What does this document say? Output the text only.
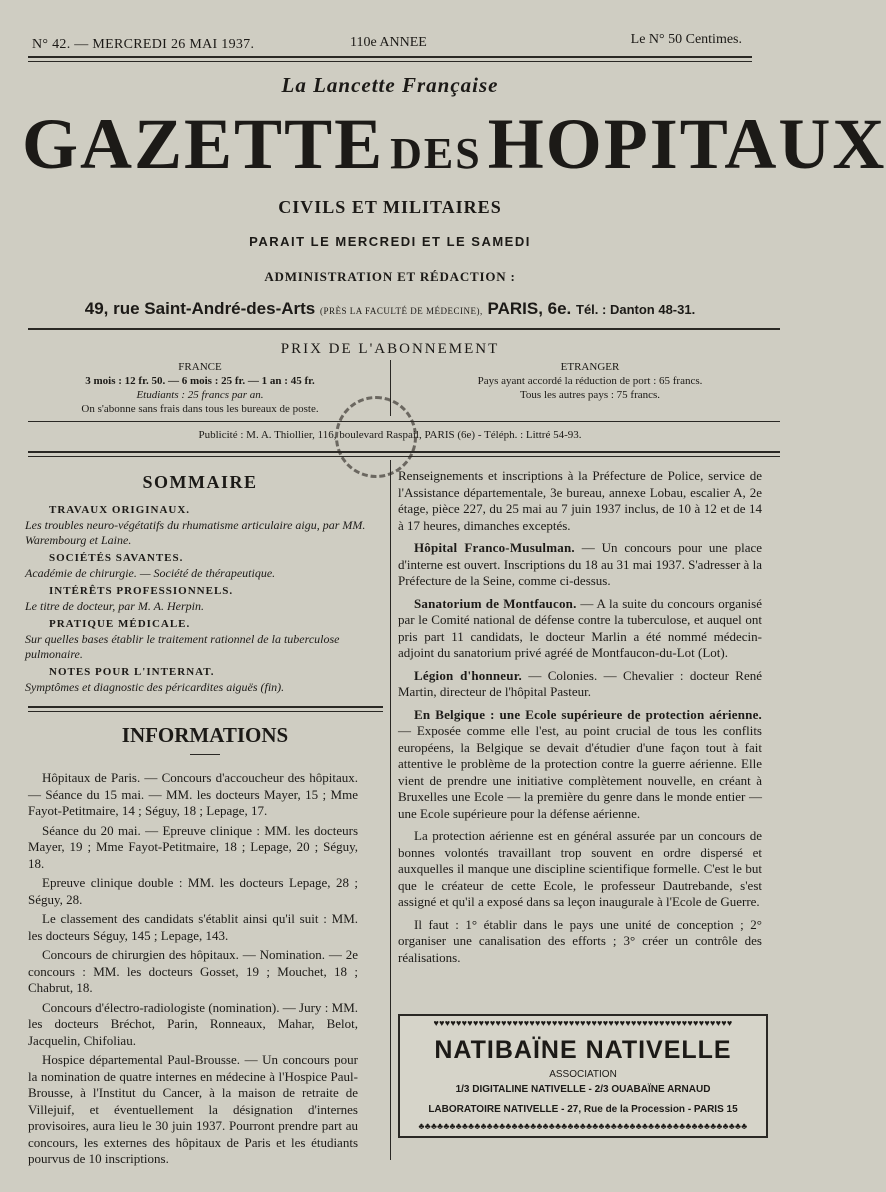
N° 42. — MERCREDI 26 MAI 1937.	110e ANNEE	Le N° 50 Centimes.
La Lancette Française
GAZETTE DES HOPITAUX
CIVILS ET MILITAIRES
PARAIT LE MERCREDI ET LE SAMEDI
ADMINISTRATION ET RÉDACTION :
49, rue Saint-André-des-Arts (PRÈS LA FACULTÉ DE MÉDECINE), PARIS, 6e. Tél. : Danton 48-31.
PRIX DE L'ABONNEMENT
FRANCE
3 mois : 12 fr. 50. — 6 mois : 25 fr. — 1 an : 45 fr.
Etudiants : 25 francs par an.
On s'abonne sans frais dans tous les bureaux de poste.
ETRANGER
Pays ayant accordé la réduction de port : 65 francs.
Tous les autres pays : 75 francs.
Publicité : M. A. Thiollier, 116, boulevard Raspail, PARIS (6e) - Téléph. : Littré 54-93.
SOMMAIRE
TRAVAUX ORIGINAUX.
Les troubles neuro-végétatifs du rhumatisme articulaire aigu, par MM. Warembourg et Laine.
SOCIÉTÉS SAVANTES.
Académie de chirurgie. — Société de thérapeutique.
INTÉRÊTS PROFESSIONNELS.
Le titre de docteur, par M. A. Herpin.
PRATIQUE MÉDICALE.
Sur quelles bases établir le traitement rationnel de la tuberculose pulmonaire.
NOTES POUR L'INTERNAT.
Symptômes et diagnostic des péricardites aiguës (fin).
INFORMATIONS

Hôpitaux de Paris. — Concours d'accoucheur des hôpitaux. — Séance du 15 mai. — MM. les docteurs Mayer, 15 ; Mme Fayot-Petitmaire, 14 ; Séguy, 18 ; Lepage, 17.

Séance du 20 mai. — Epreuve clinique : MM. les docteurs Mayer, 19 ; Mme Fayot-Petitmaire, 18 ; Lepage, 20 ; Séguy, 18.

Epreuve clinique double : MM. les docteurs Lepage, 28 ; Séguy, 28.

Le classement des candidats s'établit ainsi qu'il suit : MM. les docteurs Séguy, 145 ; Lepage, 143.

Concours de chirurgien des hôpitaux. — Nomination. — 2e concours : MM. les docteurs Gosset, 19 ; Mouchet, 18 ; Chabrut, 18.

Concours d'électro-radiologiste (nomination). — Jury : MM. les docteurs Bréchot, Parin, Ronneaux, Mahar, Belot, Jacquelin, Chifoliau.

Hospice départemental Paul-Brousse. — Un concours pour la nomination de quatre internes en médecine à l'Hospice Paul-Brousse, à l'Institut du Cancer, à la maison de retraite de Villejuif, et éventuellement la désignation d'internes provisoires, aura lieu le 30 juin 1937. Pourront prendre part au concours, les externes des hôpitaux de Paris et les étudiants pourvus de 10 inscriptions.

Renseignements et inscriptions à la Préfecture de Police, service de l'Assistance départementale, 3e bureau, annexe Lobau, escalier A, 2e étage, pièce 227, du 25 mai au 7 juin 1937 inclus, de 10 à 12 et de 14 à 17 heures, dimanches exceptés.

Hôpital Franco-Musulman. — Un concours pour une place d'interne est ouvert. Inscriptions du 18 au 31 mai 1937. S'adresser à la Préfecture de la Seine, comme ci-dessus.

Sanatorium de Montfaucon. — A la suite du concours organisé par le Comité national de défense contre la tuberculose, et auquel ont pris part 11 candidats, le docteur Marlin a été nommé médecin-adjoint du sanatorium privé agréé de Montfaucon-du-Lot (Lot).

Légion d'honneur. — Colonies. — Chevalier : docteur René Martin, directeur de l'hôpital Pasteur.

En Belgique : une Ecole supérieure de protection aérienne. — Exposée comme elle l'est, au point crucial de tous les conflits européens, la Belgique se devait d'étudier d'une façon tout à fait attentive le problème de la protection contre la guerre aérienne. Elle vient de prendre une initiative complètement nouvelle, en créant à Bruxelles une Ecole — la première du genre dans le monde entier — une Ecole supérieure pour la défense aérienne.

La protection aérienne est en général assurée par un concours de bonnes volontés travaillant trop souvent en ordre dispersé et auxquelles il manque une discipline scientifique formelle. C'est le but que le créateur de cette Ecole, le professeur Dautrebande, s'est assigné et qu'il a exposé dans sa leçon inaugurale à l'Ecole de Guerre.

Il faut : 1° établir dans le pays une unité de conception ; 2° organiser une canalisation des efforts ; 3° créer un contrôle des réalisations.

♥♥♥♥♥♥♥♥♥♥♥♥♥♥♥♥♥♥♥♥♥♥♥♥♥♥♥♥♥♥♥♥♥♥♥♥♥♥♥♥♥♥♥♥♥♥♥♥♥♥♥♥♥
NATIBAÏNE NATIVELLE
ASSOCIATION
1/3 DIGITALINE NATIVELLE - 2/3 OUABAÏNE ARNAUD
LABORATOIRE NATIVELLE - 27, Rue de la Procession - PARIS 15
♣♣♣♣♣♣♣♣♣♣♣♣♣♣♣♣♣♣♣♣♣♣♣♣♣♣♣♣♣♣♣♣♣♣♣♣♣♣♣♣♣♣♣♣♣♣♣♣♣♣♣♣♣
